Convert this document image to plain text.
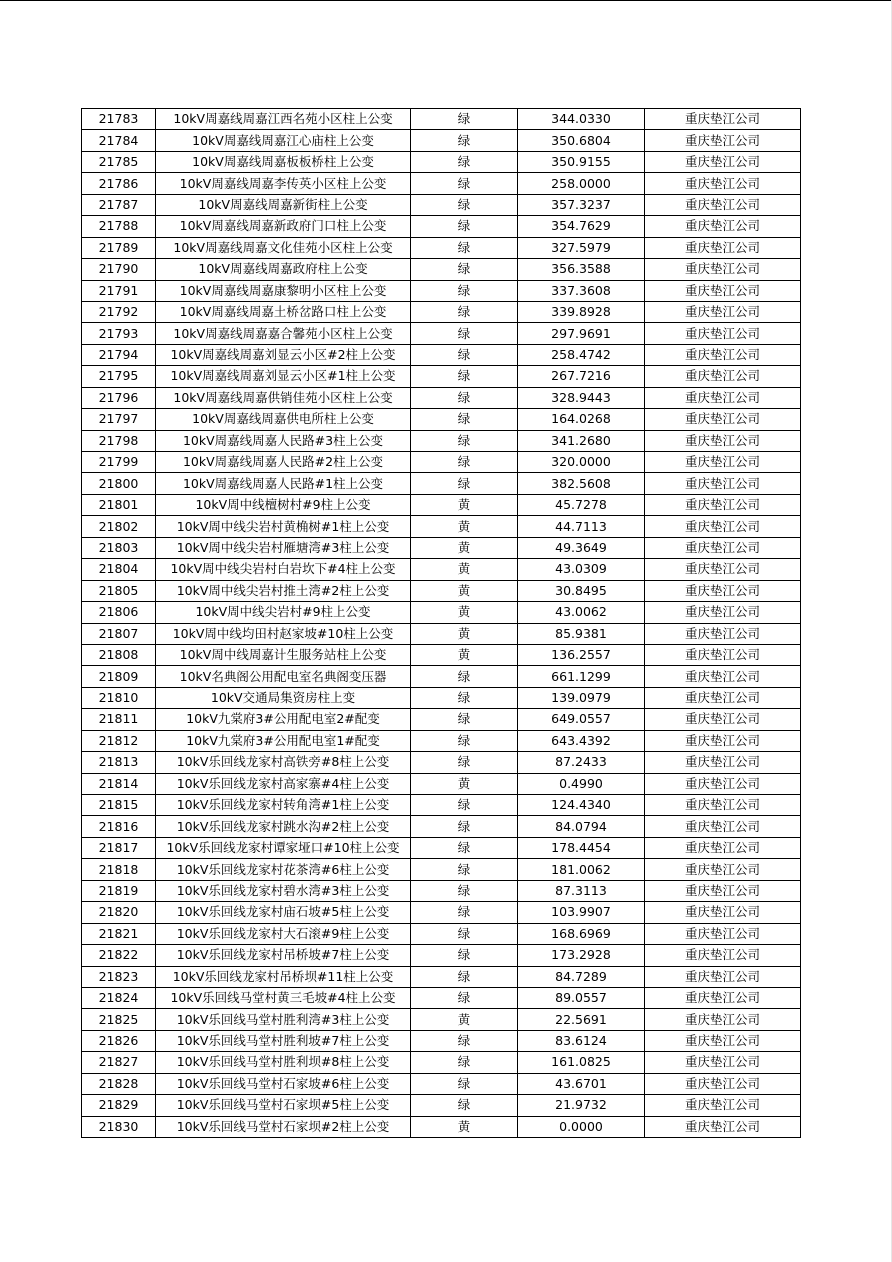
21783	10kV周嘉线周嘉江西名苑小区柱上公变	绿	344.0330	重庆垫江公司
21784	10kV周嘉线周嘉江心庙柱上公变	绿	350.6804	重庆垫江公司
21785	10kV周嘉线周嘉板板桥柱上公变	绿	350.9155	重庆垫江公司
21786	10kV周嘉线周嘉李传英小区柱上公变	绿	258.0000	重庆垫江公司
21787	10kV周嘉线周嘉新街柱上公变	绿	357.3237	重庆垫江公司
21788	10kV周嘉线周嘉新政府门口柱上公变	绿	354.7629	重庆垫江公司
21789	10kV周嘉线周嘉文化佳苑小区柱上公变	绿	327.5979	重庆垫江公司
21790	10kV周嘉线周嘉政府柱上公变	绿	356.3588	重庆垫江公司
21791	10kV周嘉线周嘉康黎明小区柱上公变	绿	337.3608	重庆垫江公司
21792	10kV周嘉线周嘉土桥岔路口柱上公变	绿	339.8928	重庆垫江公司
21793	10kV周嘉线周嘉嘉合馨苑小区柱上公变	绿	297.9691	重庆垫江公司
21794	10kV周嘉线周嘉刘显云小区#2柱上公变	绿	258.4742	重庆垫江公司
21795	10kV周嘉线周嘉刘显云小区#1柱上公变	绿	267.7216	重庆垫江公司
21796	10kV周嘉线周嘉供销佳苑小区柱上公变	绿	328.9443	重庆垫江公司
21797	10kV周嘉线周嘉供电所柱上公变	绿	164.0268	重庆垫江公司
21798	10kV周嘉线周嘉人民路#3柱上公变	绿	341.2680	重庆垫江公司
21799	10kV周嘉线周嘉人民路#2柱上公变	绿	320.0000	重庆垫江公司
21800	10kV周嘉线周嘉人民路#1柱上公变	绿	382.5608	重庆垫江公司
21801	10kV周中线檀树村#9柱上公变	黄	45.7278	重庆垫江公司
21802	10kV周中线尖岩村黄桷树#1柱上公变	黄	44.7113	重庆垫江公司
21803	10kV周中线尖岩村雁塘湾#3柱上公变	黄	49.3649	重庆垫江公司
21804	10kV周中线尖岩村白岩坎下#4柱上公变	黄	43.0309	重庆垫江公司
21805	10kV周中线尖岩村推土湾#2柱上公变	黄	30.8495	重庆垫江公司
21806	10kV周中线尖岩村#9柱上公变	黄	43.0062	重庆垫江公司
21807	10kV周中线均田村赵家坡#10柱上公变	黄	85.9381	重庆垫江公司
21808	10kV周中线周嘉计生服务站柱上公变	黄	136.2557	重庆垫江公司
21809	10kV名典阁公用配电室名典阁变压器	绿	661.1299	重庆垫江公司
21810	10kV交通局集资房柱上变	绿	139.0979	重庆垫江公司
21811	10kV九棠府3#公用配电室2#配变	绿	649.0557	重庆垫江公司
21812	10kV九棠府3#公用配电室1#配变	绿	643.4392	重庆垫江公司
21813	10kV乐回线龙家村高铁旁#8柱上公变	绿	87.2433	重庆垫江公司
21814	10kV乐回线龙家村高家寨#4柱上公变	黄	0.4990	重庆垫江公司
21815	10kV乐回线龙家村转角湾#1柱上公变	绿	124.4340	重庆垫江公司
21816	10kV乐回线龙家村跳水沟#2柱上公变	绿	84.0794	重庆垫江公司
21817	10kV乐回线龙家村谭家垭口#10柱上公变	绿	178.4454	重庆垫江公司
21818	10kV乐回线龙家村花茶湾#6柱上公变	绿	181.0062	重庆垫江公司
21819	10kV乐回线龙家村碧水湾#3柱上公变	绿	87.3113	重庆垫江公司
21820	10kV乐回线龙家村庙石坡#5柱上公变	绿	103.9907	重庆垫江公司
21821	10kV乐回线龙家村大石滚#9柱上公变	绿	168.6969	重庆垫江公司
21822	10kV乐回线龙家村吊桥坡#7柱上公变	绿	173.2928	重庆垫江公司
21823	10kV乐回线龙家村吊桥坝#11柱上公变	绿	84.7289	重庆垫江公司
21824	10kV乐回线马堂村黄三毛坡#4柱上公变	绿	89.0557	重庆垫江公司
21825	10kV乐回线马堂村胜利湾#3柱上公变	黄	22.5691	重庆垫江公司
21826	10kV乐回线马堂村胜利坡#7柱上公变	绿	83.6124	重庆垫江公司
21827	10kV乐回线马堂村胜利坝#8柱上公变	绿	161.0825	重庆垫江公司
21828	10kV乐回线马堂村石家坡#6柱上公变	绿	43.6701	重庆垫江公司
21829	10kV乐回线马堂村石家坝#5柱上公变	绿	21.9732	重庆垫江公司
21830	10kV乐回线马堂村石家坝#2柱上公变	黄	0.0000	重庆垫江公司
